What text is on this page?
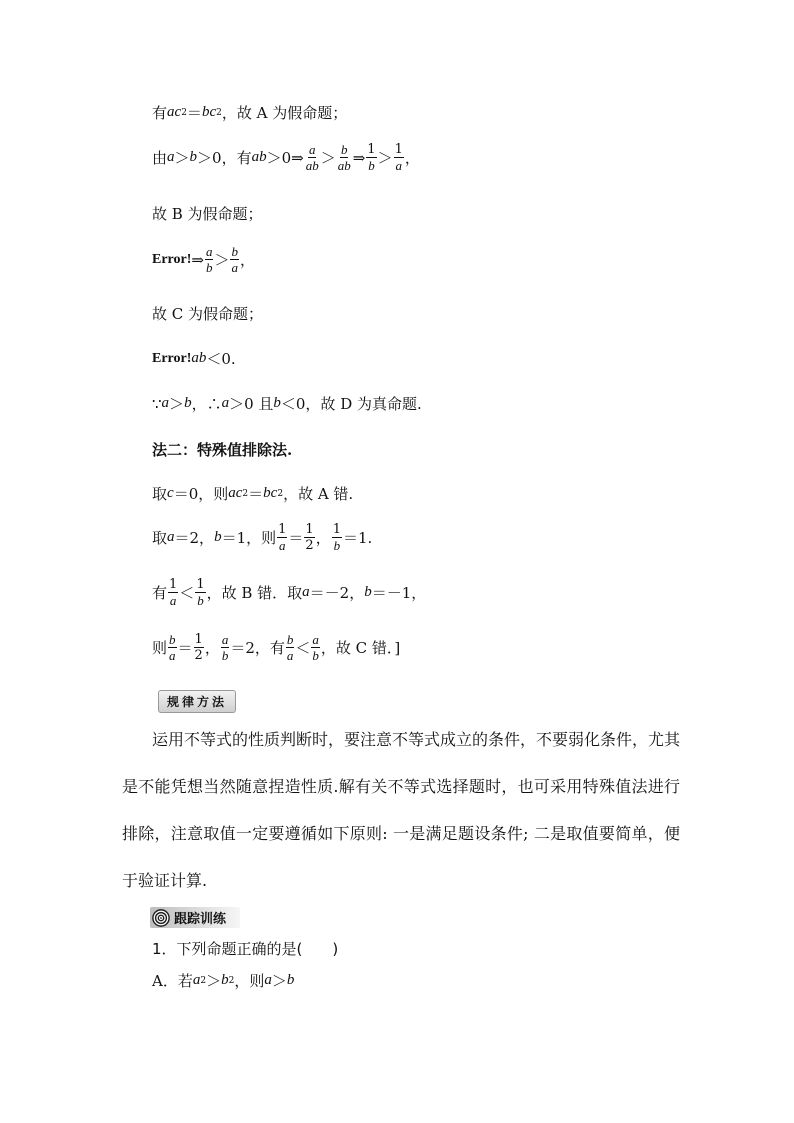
有 ac 2 ＝ bc 2 ，故 A 为假命题；
由 a ＞ b ＞0，有 ab ＞0⇒ $\frac{a}{ab} > \frac{b}{ab}$ ⇒ $\frac{1}{b} > \frac{1}{a}$ ，
故 B 为假命题；
Error! ⇒ $\frac{a}{b} > \frac{b}{a}$ ，
故 C 为假命题；
Error! ab ＜0.
∵ a ＞ b ，∴ a ＞0 且 b ＜0，故 D 为真命题.
法二：特殊值排除法.
取 c ＝0，则 ac 2 ＝ bc 2 ，故 A 错.
取 a ＝2， b ＝1，则 $\frac{1}{a} = \frac{1}{2}$ ， $\frac{1}{b} =1$.
有 $\frac{1}{a} < \frac{1}{b}$ ，故 B 错．取 a ＝－2， b ＝－1，
则 $\frac{b}{a} = \frac{1}{2}$ ， $\frac{a}{b} =2$，有 $\frac{b}{a} < \frac{a}{b}$ ，故 C 错．]
规律方法
运用不等式的性质判断时，要注意不等式成立的条件，不要弱化条件，尤其是不能凭想当然随意捏造性质.解有关不等式选择题时，也可采用特殊值法进行排除，注意取值一定要遵循如下原则: 一是满足题设条件; 二是取值要简单，便于验证计算.
跟踪训练
1．下列命题正确的是(　　)
A．若 a 2 ＞ b 2 ，则 a ＞ b
